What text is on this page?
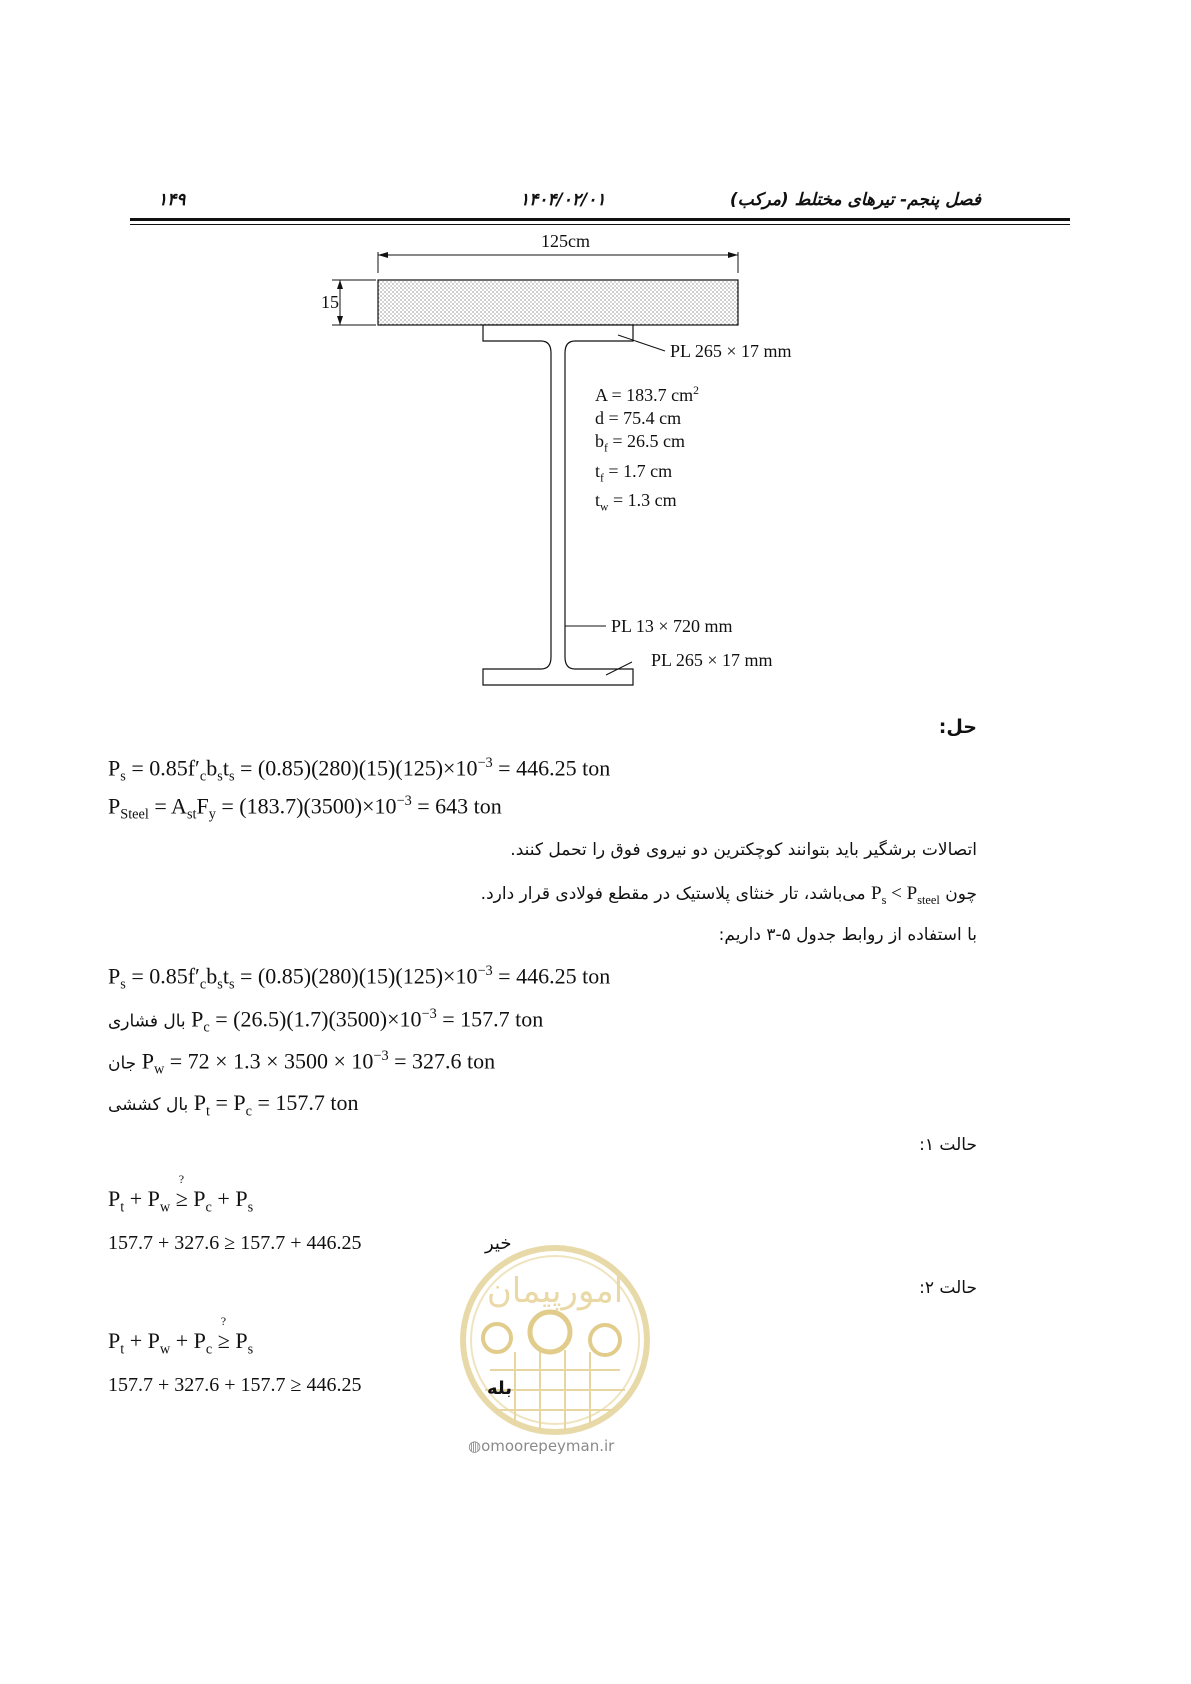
۱۴۹	۱۴۰۴/۰۲/۰۱	فصل پنجم- تیرهای مختلط (مرکب)
125cm
15
PL 265 × 17 mm
A = 183.7 $cm^2$
d = 75.4 cm
$b_f = 26.5$ cm
$t_f = 1.7$ cm
$t_w = 1.3$ cm
PL 13 × 720 mm
PL 265 × 17 mm
حل:
$P_s = 0.85f'_cb_st_s = (0.85)(280)(15)(125)\times 10^{-3} = 446.25$ ton
$P_{Steel} = A_{st}F_y = (183.7)(3500)\times 10^{-3} = 643$ ton
اتصالات برشگیر باید بتوانند کوچکترین دو نیروی فوق را تحمل کنند.
چون $P_s < P_{steel}$ می‌باشد، تار خنثای پلاستیک در مقطع فولادی قرار دارد.
با استفاده از روابط جدول ۵-۳ داریم:
$P_s = 0.85f'_cb_st_s = (0.85)(280)(15)(125)\times 10^{-3} = 446.25$ ton
بال فشاری $P_c = (26.5)(1.7)(3500)\times 10^{-3} = 157.7$ ton
جان $P_w = 72 \times 1.3 \times 3500 \times 10^{-3} = 327.6$ ton
بال کششی $P_t = P_c = 157.7$ ton
حالت ۱:
$P_t + P_w$ ≥
?
$P_c + P_s$
157.7 + 327.6 ≥ 157.7 + 446.25
حالت ۲:
$P_t + P_w + P_c$ ≥
?
$P_s$
157.7 + 327.6 + 157.7 ≥ 446.25
امورپیمان
خیر
بله
◍omoorepeyman.ir
